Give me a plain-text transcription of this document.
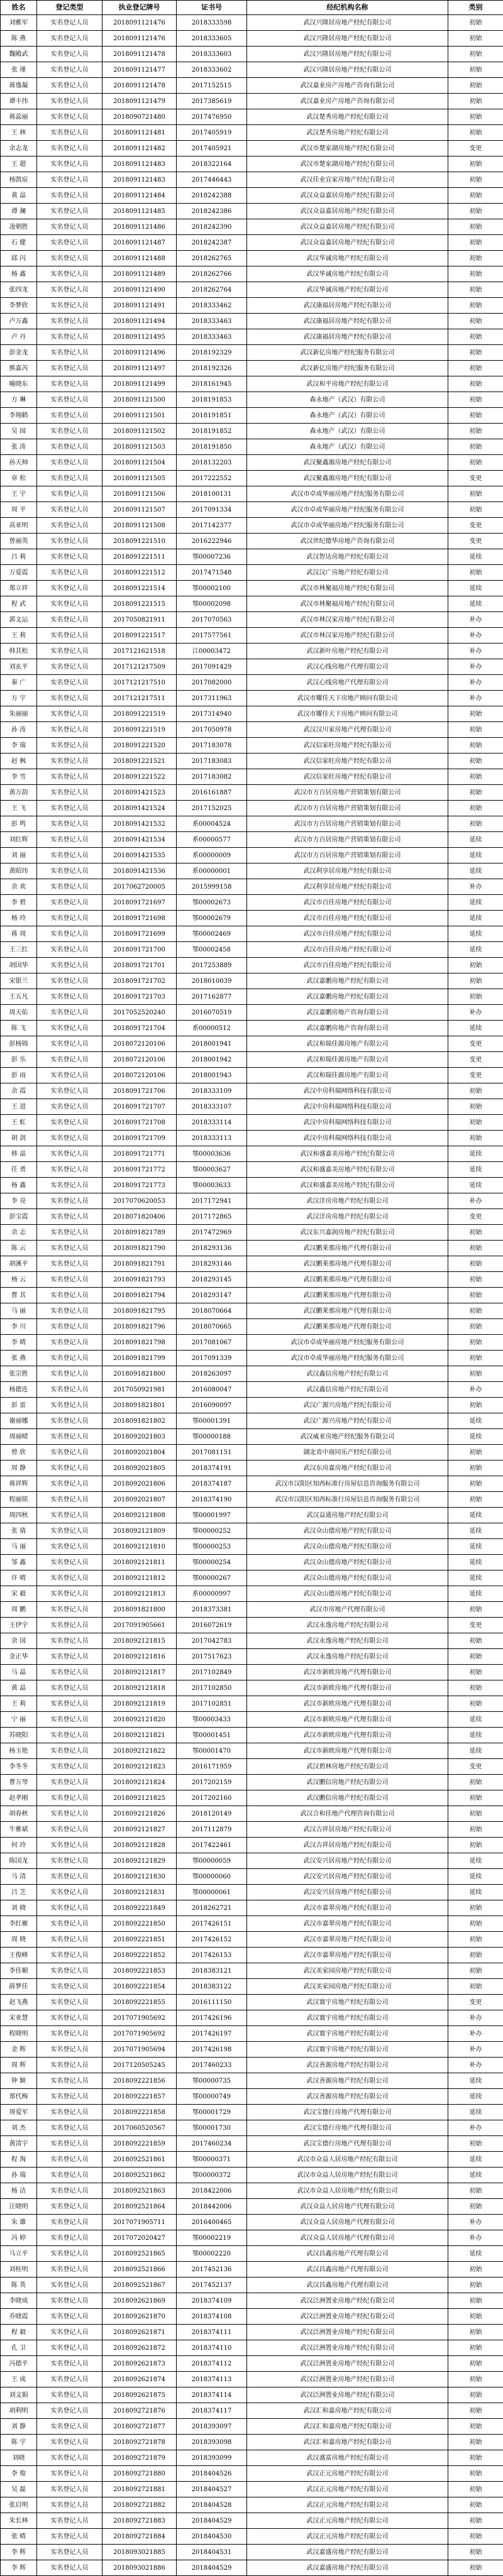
姓名	登记类型	执业登记牌号	证书号	经纪机构名称	类别
刘雅军	实名登记人员	2018091121476	2018333598	武汉兴隆居房地产经纪有限公司	初始
陈 燕	实名登记人员	2018091121476	2018333605	武汉兴隆居房地产经纪有限公司	初始
魏殿武	实名登记人员	2018091121478	2018333603	武汉兴隆居房地产经纪有限公司	初始
张 瑾	实名登记人员	2018091121477	2018333602	武汉兴隆居房地产经纪有限公司	初始
蒋逸凝	实名登记人员	2018091121478	2017152515	武汉嘉业房产房地产咨询有限公司	初始
谭丰伟	实名登记人员	2018091121479	2017385619	武汉嘉业房产房地产咨询有限公司	初始
蒋蕊丽	实名登记人员	2018090721480	2017476950	武汉楚秀房地产经纪有限公司	初始
王 林	实名登记人员	2018091121481	2017405919	武汉楚秀房地产经纪有限公司	初始
余志龙	实名登记人员	2018091121482	2017405921	武汉市楚家湖房地产经纪有限公司	变更
王 超	实名登记人员	2018091121483	2018322164	武汉市楚家湖房地产经纪有限公司	初始
杨凯宸	实名登记人员	2018091121483	2017446443	武汉佳业宜家房地产经纪有限公司	初始
黄 晶	实名登记人员	2018091121484	2018242388	武汉众益嘉居房地产经纪有限公司	初始
谭 澜	实名登记人员	2018091121485	2018242386	武汉众益嘉居房地产经纪有限公司	初始
凌朝胜	实名登记人员	2018091121486	2018242390	武汉众益嘉居房地产经纪有限公司	初始
石 健	实名登记人员	2018091121487	2018242387	武汉众益嘉居房地产经纪有限公司	初始
邱 闪	实名登记人员	2018091121488	2018262765	武汉华诚房地产经纪有限公司	初始
杨 鑫	实名登记人员	2018091121489	2018262766	武汉华诚房地产经纪有限公司	初始
张四龙	实名登记人员	2018091121490	2018262764	武汉华诚房地产经纪有限公司	初始
李梦欣	实名登记人员	2018091121491	2018333462	武汉康福居房地产经纪有限公司	初始
卢万鑫	实名登记人员	2018091121494	2018333463	武汉康福居房地产经纪有限公司	初始
卢 丹	实名登记人员	2018091121495	2018333463	武汉康福居房地产经纪有限公司	初始
彭金龙	实名登记人员	2018091121496	2018192329	武汉新亿房地产经纪服务有限公司	初始
熊嘉芮	实名登记人员	2018091121497	2018192326	武汉新亿房地产经纪服务有限公司	初始
喻晓东	实名登记人员	2018091121499	2018161945	武汉和平房地产经纪有限公司	初始
方 琳	实名登记人员	2018091121500	2018191853	森永地产（武汉）有限公司	初始
李翔鹤	实名登记人员	2018091121501	2018191851	森永地产（武汉）有限公司	初始
吴 园	实名登记人员	2018091121502	2018191852	森永地产（武汉）有限公司	初始
张 涛	实名登记人员	2018091121503	2018191850	森永地产（武汉）有限公司	初始
孙天帅	实名登记人员	2018091121504	2018132203	武汉聚鑫源房地产经纪有限公司	初始
章 松	实名登记人员	2018091121505	2017222552	武汉聚鑫源房地产经纪有限公司	变更
王 宇	实名登记人员	2018091121506	2018100131	武汉市卓成华丽房地产经纪服务有限公司	初始
周 平	实名登记人员	2018091121507	2017091334	武汉市卓成华丽房地产经纪服务有限公司	初始
高亚明	实名登记人员	2018091121508	2017142377	武汉市卓成华丽房地产经纪服务有限公司	变更
曾丽英	实名登记人员	2018091221510	2016222946	武汉世纪德华房地产咨询有限公司	变更
吕 莉	实名登记人员	2018091221511	鄂00007236	武汉智达房地产经纪有限公司	延续
万爱霞	实名登记人员	2018091221512	2017471548	武汉汉广房地产经纪有限公司	初始
郑立祥	实名登记人员	2018091221514	鄂00002100	武汉市林聚福房地产经纪有限公司	延续
程 武	实名登记人员	2018091221515	鄂00002098	武汉市林聚福房地产经纪有限公司	延续
郭文运	实名登记人员	2017050821911	2017070563	武汉市林汉家房地产经纪有限公司	补办
王 莉	实名登记人员	2018091221517	2017577561	武汉市林汉家房地产经纪有限公司	补办
韩其松	实名登记人员	2017121621518	江00003472	武汉新叶房地产经纪有限公司	补办
刘玄平	实名登记人员	2017121217509	2017091429	武汉心线房地产代理有限公司	补办
秦 广	实名登记人员	2017121217510	2017082000	武汉心线房地产代理有限公司	补办
方 宇	实名登记人员	2017121217511	2017311963	武汉市耀佳天下房地产顾问有限公司	补办
朱丽丽	实名登记人员	2018091221519	2017314940	武汉市耀佳天下房地产顾问有限公司	初始
孙 涛	实名登记人员	2018091221519	2017050978	武汉汉川家房地产代理有限公司	初始
李 瑞	实名登记人员	2018091221520	2017183078	武汉信家旺房地产经纪有限公司	初始
赵 枫	实名登记人员	2018091221521	2017183083	武汉信家旺房地产经纪有限公司	初始
李 雪	实名登记人员	2018091221522	2017183082	武汉信家旺房地产经纪有限公司	初始
黄万韵	实名登记人员	2018091421523	2016161887	武汉市方百居房地产营销策划有限公司	初始
王 飞	实名登记人员	2018091421524	2017152025	武汉市方百居房地产营销策划有限公司	初始
彭 鸣	实名登记人员	2018091421532	系00004524	武汉市方百居房地产营销策划有限公司	初始
刘红辉	实名登记人员	2018091421534	系00000577	武汉市方百居房地产营销策划有限公司	延续
刘 丽	实名登记人员	2018091421535	系00000009	武汉市方百居房地产营销策划有限公司	延续
黄昭玮	实名登记人员	2018091421536	系00000001	武汉利享居房地产经纪有限公司	延续
余 欢	实名登记人员	2017062720005	2015999158	武汉利享居房地产经纪有限公司	补办
李 碧	实名登记人员	2018091721697	鄂00002673	武汉市百佳房地产经纪有限公司	延续
杨 玲	实名登记人员	2018091721698	鄂00002679	武汉市百佳房地产经纪有限公司	延续
蒋 周	实名登记人员	2018091721699	鄂00002469	武汉市百佳房地产经纪有限公司	延续
王三红	实名登记人员	2018091721700	鄂00002458	武汉市百佳房地产经纪有限公司	延续
胡国华	实名登记人员	2018091721701	2017253889	武汉市百佳房地产经纪有限公司	初始
宋银兰	实名登记人员	2018091721702	2018010039	武汉嘉鹏房地产经纪有限公司	初始
王五凡	实名登记人员	2018091721703	2017162877	武汉嘉鹏房地产经纪有限公司	初始
周天佑	实名登记人员	2017052520240	2016070519	武汉嘉鹏房地产咨询有限公司	补办
陈 飞	实名登记人员	2018091721704	系00000512	武汉嘉鹏房地产咨询有限公司	延续
彭杨锦	实名登记人员	2018072120106	2018001941	武汉和瑞佳源房地产有限公司	变更
彭 乐	实名登记人员	2018072120106	2018001942	武汉和瑞佳源房地产有限公司	变更
彭 雨	实名登记人员	2018072120106	2018001943	武汉和瑞佳源房地产有限公司	变更
余 霞	实名登记人员	2018091721706	2018333109	武汉中房科瑞网络科技有限公司	初始
王 进	实名登记人员	2018091721707	2018333107	武汉中房科瑞网络科技有限公司	初始
王 虹	实名登记人员	2018091721708	2018333114	武汉中房科瑞网络科技有限公司	初始
胡 剑	实名登记人员	2018091721709	2018333113	武汉中房科瑞网络科技有限公司	初始
韩 晶	实名登记人员	2018091721771	鄂00003636	武汉和盛嘉美房地产经纪有限公司	延续
任 勇	实名登记人员	2018091721772	鄂00003627	武汉和盛嘉美房地产经纪有限公司	延续
杨 鑫	实名登记人员	2018091721773	鄂00003633	武汉和盛嘉美房地产经纪有限公司	延续
李 亮	实名登记人员	2017070620053	2017172941	武汉洋房房地产经纪有限公司	补办
彭宝霞	实名登记人员	2018071820406	2017172865	武汉洋房房地产经纪有限公司	变更
余 志	实名登记人员	2018091821789	2017472969	武汉东兴嘉润房地产经纪有限公司	初始
陈 云	实名登记人员	2018091821790	2018293136	武汉鹏莱那房地产代理有限公司	初始
胡溪平	实名登记人员	2018091821791	2018293146	武汉鹏莱那房地产代理有限公司	初始
杨 云	实名登记人员	2018091821793	2018293145	武汉鹏莱那房地产代理有限公司	初始
曹 其	实名登记人员	2018091821794	2018293147	武汉鹏莱那房地产代理有限公司	初始
马 丽	实名登记人员	2018091821795	2018070664	武汉鹏莱那房地产代理有限公司	初始
李 川	实名登记人员	2018091821796	2018070665	武汉鹏莱那房地产代理有限公司	初始
李 晴	实名登记人员	2018091821798	2017081067	武汉市卓成华丽房地产经纪服务有限公司	初始
张 燕	实名登记人员	2018091821799	2017091339	武汉市卓成华丽房地产经纪服务有限公司	初始
张宗胜	实名登记人员	2018091821800	2018263097	武汉鑫信房地产经纪有限公司	初始
杨德连	实名登记人员	2017050921981	2016080047	武汉鑫信房地产经纪有限公司	补办
彭 雷	实名登记人员	2018091821801	2016090097	武汉广源兴房地产经纪有限公司	初始
谢丽娜	实名登记人员	2018091821802	鄂00001391	武汉广源兴房地产经纪有限公司	延续
周丽晴	实名登记人员	2018092021803	鄂00000188	武汉威亚房地产经纪服务有限公司	延续
曾 欣	实名登记人员	2018092021804	2017081151	湖北省中商同乐产经纪有限公司	初始
周 静	实名登记人员	2018092021805	2018374191	武汉东房嘉房地产经纪有限公司	初始
蒋祥辉	实名登记人员	2018092021806	2018374187	武汉市汉阳区知西标准行房屋信息咨询服务有限公司	初始
程丽铭	实名登记人员	2018092021807	2018374190	武汉市汉阳区知西标准行房屋信息咨询服务有限公司	初始
周四秋	实名登记人员	2018092121808	鄂00001997	武汉益通房地产经纪有限公司	延续
张 倩	实名登记人员	2018092121809	鄂00000252	武汉众山德房地产经纪有限公司	延续
马 丽	实名登记人员	2018092121810	鄂00000253	武汉众山德房地产经纪有限公司	延续
邹 鑫	实名登记人员	2018092121811	鄂00000254	武汉众山德房地产经纪有限公司	延续
许 晴	实名登记人员	2018092121812	鄂00000267	武汉众山德房地产经纪有限公司	延续
宋 毅	实名登记人员	2018092121813	系00000997	武汉众山德房地产经纪有限公司	延续
周 鹏	实名登记人员	2018091821800	2018373381	武汉市房地产代理有限公司	初始
王伊宇	实名登记人员	2017091905661	2016072619	武汉永逸房地产经纪有限公司	变更
余 国	实名登记人员	2018092121815	2017042783	武汉永逸房地产经纪有限公司	初始
金正华	实名登记人员	2018092121816	2017517623	武汉永逸房地产经纪有限公司	初始
马 晶	实名登记人员	2018092121817	2017102849	武汉市新欧房地产代理有限公司	初始
黄 晶	实名登记人员	2018092121818	2017102850	武汉市新欧房地产代理有限公司	初始
王 莉	实名登记人员	2018092121819	2017102851	武汉市新欧房地产代理有限公司	初始
宁 丽	实名登记人员	2018092121820	鄂00003433	武汉市新欧房地产代理有限公司	延续
苏晓阳	实名登记人员	2018092121821	鄂00001451	武汉市新欧房地产代理有限公司	延续
杨玉艳	实名登记人员	2018092121822	鄂00001470	武汉市新欧房地产代理有限公司	延续
李冬冬	实名登记人员	2018092121823	2016171959	武汉碧林房地产经纪有限公司	变更
曹万琴	实名登记人员	2018092121824	2017202159	武汉鹏信房地产经纪有限公司	初始
赵孝刚	实名登记人员	2018092121825	2017202160	武汉鹏信房地产经纪有限公司	初始
胡春秋	实名登记人员	2018092121826	2018120149	武汉合和佳地产代理咨询有限公司	初始
牛雅斌	实名登记人员	2018092121827	2017112879	武汉吉祥居房地产经纪有限公司	初始
何 玲	实名登记人员	2018092121828	2017422461	武汉吉祥居房地产经纪有限公司	初始
陈国龙	实名登记人员	2018092121829	鄂00000059	武汉安兴居房地产经纪有限公司	延续
马 清	实名登记人员	2018092121830	鄂00000060	武汉安兴居房地产经纪有限公司	延续
吕 芝	实名登记人员	2018092121831	鄂00000061	武汉安兴居房地产经纪有限公司	延续
刘 晓	实名登记人员	2018092221849	2018262721	武汉市嘉翠房地产经纪有限公司	初始
李红雁	实名登记人员	2018092221850	2017426151	武汉市嘉翠房地产经纪有限公司	初始
周 晓	实名登记人员	2018092221851	2017426152	武汉市嘉翠房地产经纪有限公司	初始
王俊峰	实名登记人员	2018092221852	2017426153	武汉市嘉翠房地产经纪有限公司	初始
李佳媚	实名登记人员	2018092221853	2018383121	武汉美家园房地产经纪有限公司	初始
薛梦佳	实名登记人员	2018092221854	2018383122	武汉美家园房地产经纪有限公司	初始
赵飞燕	实名登记人员	2018092221855	2016111150	武汉寰宇房地产经纪有限公司	变更
宋亚慧	实名登记人员	2017071905692	2017426196	武汉寰宇房地产经纪有限公司	补办
程晓明	实名登记人员	2017071905692	2017426197	武汉寰宇房地产经纪有限公司	补办
金 辉	实名登记人员	2017071905694	2017426198	武汉寰宇房地产经纪有限公司	补办
周 辉	实名登记人员	2017120505245	2017460233	武汉善源房地产经纪有限公司	补办
钟 颖	实名登记人员	2018092221856	鄂00000735	武汉善源房地产经纪有限公司	延续
郑代梅	实名登记人员	2018092221857	鄂00000749	武汉善源房地产经纪有限公司	延续
周爱军	实名登记人员	2018092221858	鄂00001729	武汉宝德行房地产代理有限公司	延续
刘 杰	实名登记人员	2017060520567	鄂00001730	武汉宝德行房地产代理有限公司	补办
黄清宇	实名登记人员	2018092221859	2017460234	武汉宝德行房地产代理有限公司	初始
程 淘	实名登记人员	2018092521861	鄂00000371	武汉市众益人居房地产经纪有限公司	延续
孙 瑞	实名登记人员	2018092521862	鄂00000372	武汉市众益人居房地产经纪有限公司	延续
杨 洁	实名登记人员	2018092521863	2018422006	武汉市众益人居房地产经纪有限公司	初始
汪晓明	实名登记人员	2018092521864	2018442006	武汉众益人居房地产代理有限公司	初始
朱 雄	实名登记人员	2017071905711	2016400465	武汉众益人居房地产代理有限公司	补办
冯 婷	实名登记人员	2017072020427	鄂00002219	武汉众益人居房地产代理有限公司	补办
马立平	实名登记人员	2018092521865	鄂00002220	武汉昌鑫房地产代理有限公司	延续
刘桂明	实名登记人员	2018092521866	2017452136	武汉昌鑫房地产代理有限公司	初始
陈 英	实名登记人员	2018092521867	2017452137	武汉昌鑫房地产代理有限公司	初始
李晓成	实名登记人员	2018092621869	2018374109	武汉泛洲置业房地产经纪有限公司	初始
乔晓霞	实名登记人员	2018092621870	2018374108	武汉泛洲置业房地产经纪有限公司	初始
程 毅	实名登记人员	2018092621871	2018374111	武汉泛洲置业房地产经纪有限公司	初始
孔 卫	实名登记人员	2018092621872	2018374110	武汉泛洲置业房地产经纪有限公司	初始
冯德平	实名登记人员	2018092621873	2018374112	武汉泛洲置业房地产经纪有限公司	初始
王 成	实名登记人员	2018092621874	2018374113	武汉泛洲置业房地产经纪有限公司	初始
刘文娟	实名登记人员	2018092621875	2018374114	武汉泛洲置业房地产经纪有限公司	初始
胡利明	实名登记人员	2018092721876	2018374117	武汉汇和嘉房地产经纪有限公司	初始
刘 静	实名登记人员	2018092721877	2018393097	武汉汇和嘉房地产经纪有限公司	初始
陈 宇	实名登记人员	2018092721878	2018393098	武汉汇和嘉房地产经纪有限公司	初始
刘晓	实名登记人员	2018092721879	2018393099	武汉盛富房地产经纪有限公司	初始
李 俊	实名登记人员	2018092721880	2018404526	武汉正元房地产经纪有限公司	初始
吴 磊	实名登记人员	2018092721881	2018404527	武汉正元房地产经纪有限公司	初始
张启明	实名登记人员	2018092721882	2018404528	武汉正元房地产经纪有限公司	初始
朱长林	实名登记人员	2018092721883	2018404529	武汉正元房地产经纪有限公司	初始
张 晴	实名登记人员	2018092721884	2018404530	武汉正元房地产经纪有限公司	初始
李 辉	实名登记人员	2018093021885	2018404531	武汉嘉盛房地产经纪有限公司	初始
李 辉	实名登记人员	2018093021886	2018404529	武汉嘉盛房地产经纪有限公司	初始
